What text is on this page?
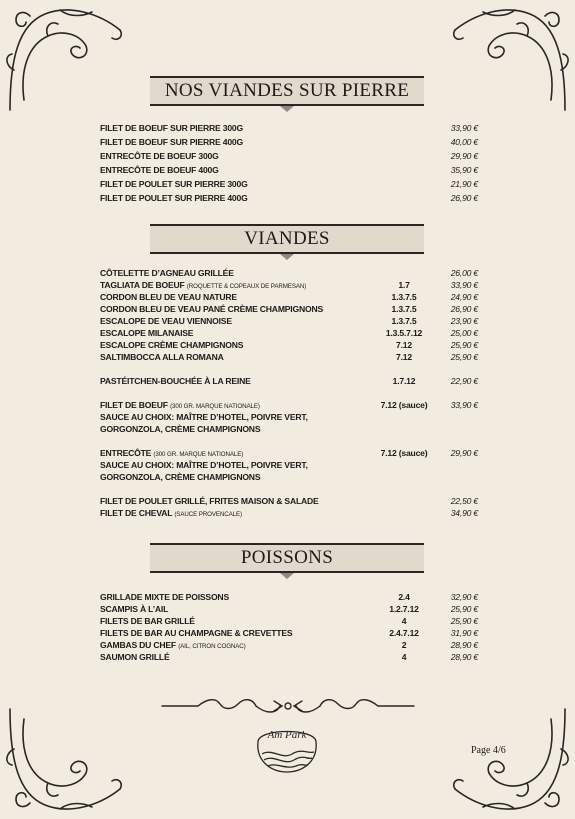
NOS VIANDES SUR PIERRE
FILET DE BOEUF SUR PIERRE 300G	33,90 €
FILET DE BOEUF SUR PIERRE 400G	40,00 €
ENTRECÔTE DE BOEUF 300G	29,90 €
ENTRECÔTE DE BOEUF 400G	35,90 €
FILET DE POULET SUR PIERRE 300G	21,90 €
FILET DE POULET SUR PIERRE 400G	26,90 €
VIANDES
CÔTELETTE D’AGNEAU GRILLÉE	26,00 €
TAGLIATA DE BOEUF (ROQUETTE & COPEAUX DE PARMESAN)	1.7	33,90 €
CORDON BLEU DE VEAU NATURE	1.3.7.5	24,90 €
CORDON BLEU DE VEAU PANÉ CRÈME CHAMPIGNONS	1.3.7.5	26,90 €
ESCALOPE DE VEAU VIENNOISE	1.3.7.5	23,90 €
ESCALOPE MILANAISE	1.3.5.7.12	25,00 €
ESCALOPE CRÈME CHAMPIGNONS	7.12	25,90 €
SALTIMBOCCA ALLA ROMANA	7.12	25,90 €
PASTÉITCHEN-BOUCHÉE À LA REINE	1.7.12	22,90 €
FILET DE BOEUF (300 GR. MARQUE NATIONALE)	7.12 (sauce)	33,90 €
SAUCE AU CHOIX: MAÎTRE D’HOTEL, POIVRE VERT,
GORGONZOLA, CRÈME CHAMPIGNONS
ENTRECÔTE (300 GR. MARQUE NATIONALE)	7.12 (sauce)	29,90 €
SAUCE AU CHOIX: MAÎTRE D’HOTEL, POIVRE VERT,
GORGONZOLA, CRÈME CHAMPIGNONS
FILET DE POULET GRILLÉ, FRITES MAISON & SALADE	22,50 €
FILET DE CHEVAL (SAUCE PROVENCALE)	34,90 €
POISSONS
GRILLADE MIXTE DE POISSONS	2.4	32,90 €
SCAMPIS À L’AIL	1.2.7.12	25,90 €
FILETS DE BAR GRILLÉ	4	25,90 €
FILETS DE BAR AU CHAMPAGNE & CREVETTES	2.4.7.12	31,90 €
GAMBAS DU CHEF (AIL, CITRON COGNAC)	2	28,90 €
SAUMON GRILLÉ	4	28,90 €
Am Park
Page 4/6
